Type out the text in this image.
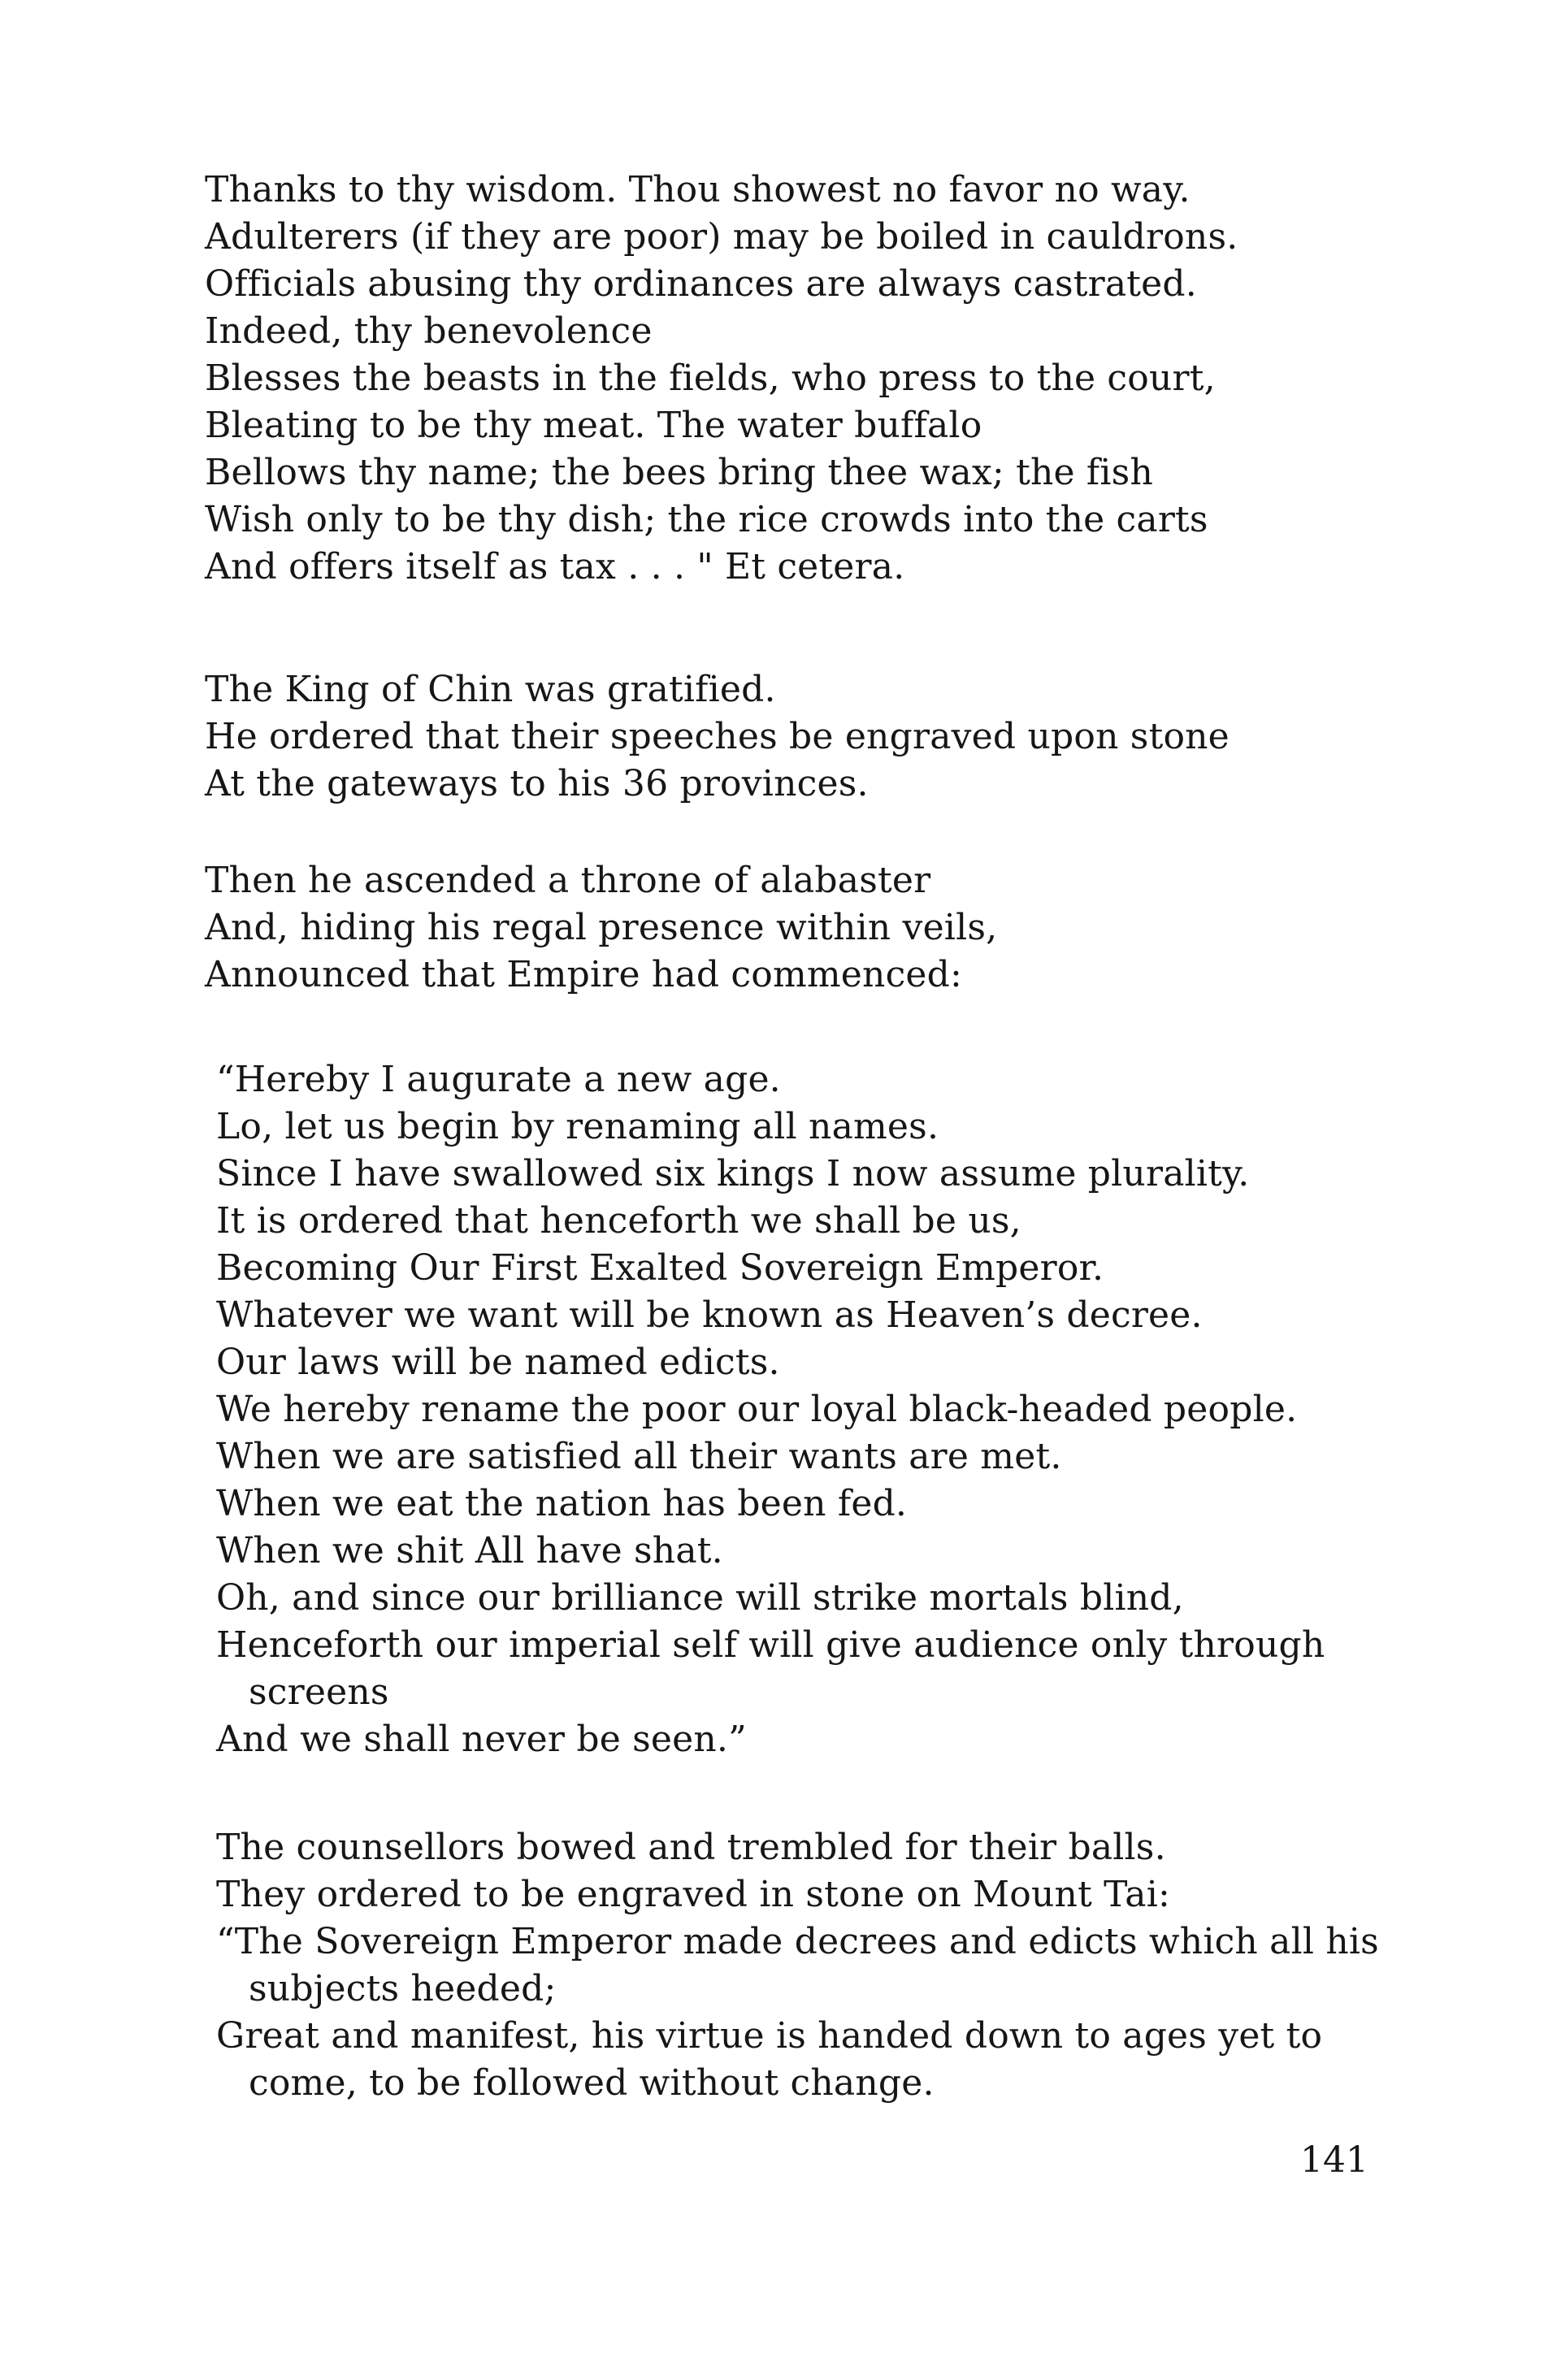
Thanks to thy wisdom. Thou showest no favor no way.
Adulterers (if they are poor) may be boiled in cauldrons.
Officials abusing thy ordinances are always castrated.
Indeed, thy benevolence
Blesses the beasts in the fields, who press to the court,
Bleating to be thy meat. The water buffalo
Bellows thy name; the bees bring thee wax; the fish
Wish only to be thy dish; the rice crowds into the carts
And offers itself as tax . . . " Et cetera.
The King of Chin was gratified.
He ordered that their speeches be engraved upon stone
At the gateways to his 36 provinces.
Then he ascended a throne of alabaster
And, hiding his regal presence within veils,
Announced that Empire had commenced:
“Hereby I augurate a new age.
Lo, let us begin by renaming all names.
Since I have swallowed six kings I now assume plurality.
It is ordered that henceforth we shall be us,
Becoming Our First Exalted Sovereign Emperor.
Whatever we want will be known as Heaven’s decree.
Our laws will be named edicts.
We hereby rename the poor our loyal black-headed people.
When we are satisfied all their wants are met.
When we eat the nation has been fed.
When we shit All have shat.
Oh, and since our brilliance will strike mortals blind,
Henceforth our imperial self will give audience only through
screens
And we shall never be seen.”
The counsellors bowed and trembled for their balls.
They ordered to be engraved in stone on Mount Tai:
“The Sovereign Emperor made decrees and edicts which all his
subjects heeded;
Great and manifest, his virtue is handed down to ages yet to
come, to be followed without change.
141
